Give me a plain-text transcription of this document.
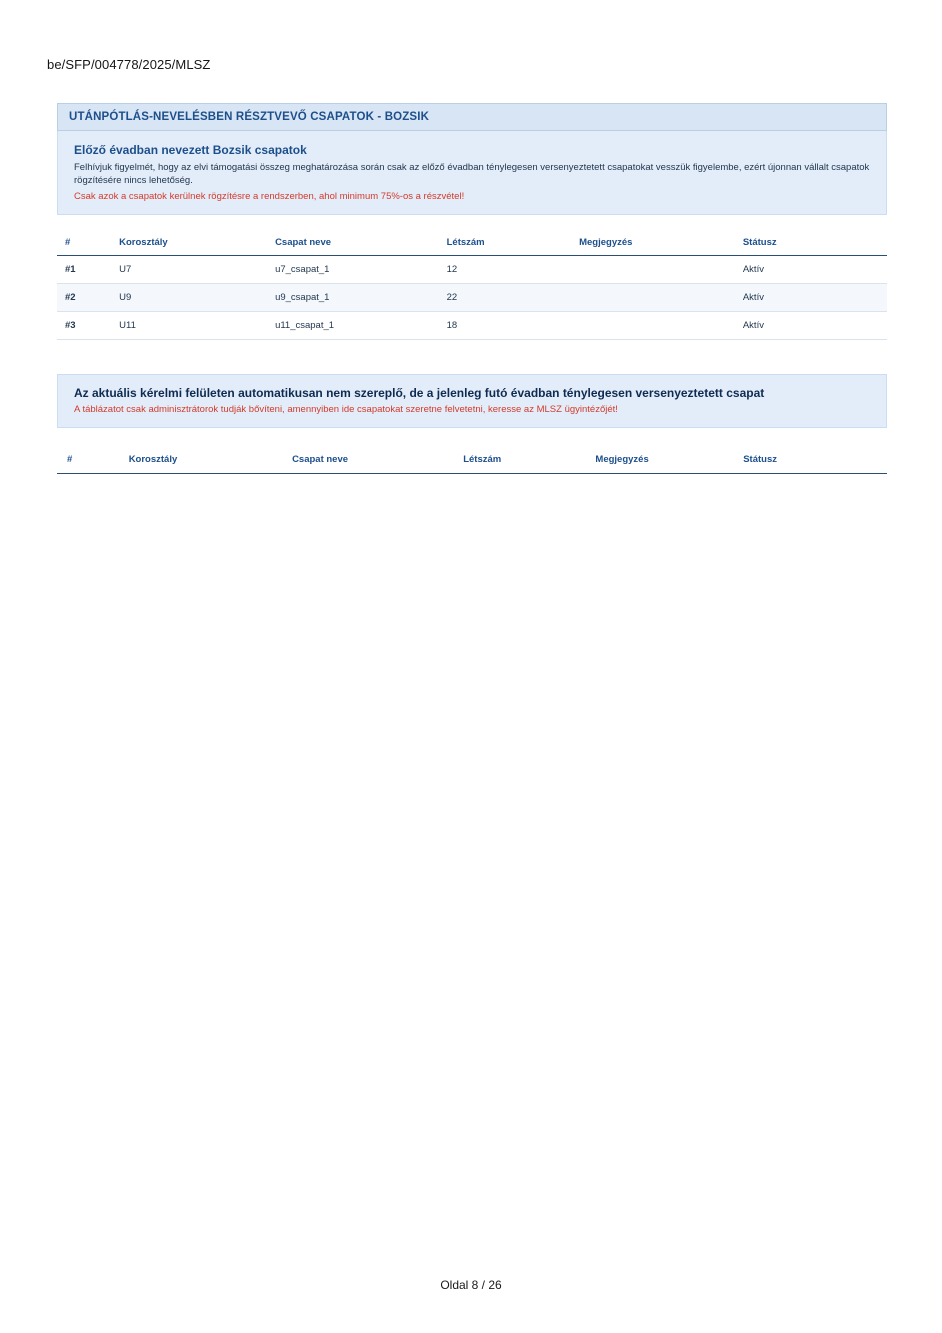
be/SFP/004778/2025/MLSZ
UTÁNPÓTLÁS-NEVELÉSBEN RÉSZTVEVŐ CSAPATOK - BOZSIK
Előző évadban nevezett Bozsik csapatok
Felhívjuk figyelmét, hogy az elvi támogatási összeg meghatározása során csak az előző évadban ténylegesen versenyeztetett csapatokat vesszük figyelembe, ezért újonnan vállalt csapatok rögzítésére nincs lehetőség.
Csak azok a csapatok kerülnek rögzítésre a rendszerben, ahol minimum 75%-os a részvétel!
#	Korosztály	Csapat neve	Létszám	Megjegyzés	Státusz
#1	U7	u7_csapat_1	12		Aktív
#2	U9	u9_csapat_1	22		Aktív
#3	U11	u11_csapat_1	18		Aktív
Az aktuális kérelmi felületen automatikusan nem szereplő, de a jelenleg futó évadban ténylegesen versenyeztetett csapat
A táblázatot csak adminisztrátorok tudják bővíteni, amennyiben ide csapatokat szeretne felvetetni, keresse az MLSZ ügyintézőjét!
#	Korosztály	Csapat neve	Létszám	Megjegyzés	Státusz
Oldal 8 / 26
